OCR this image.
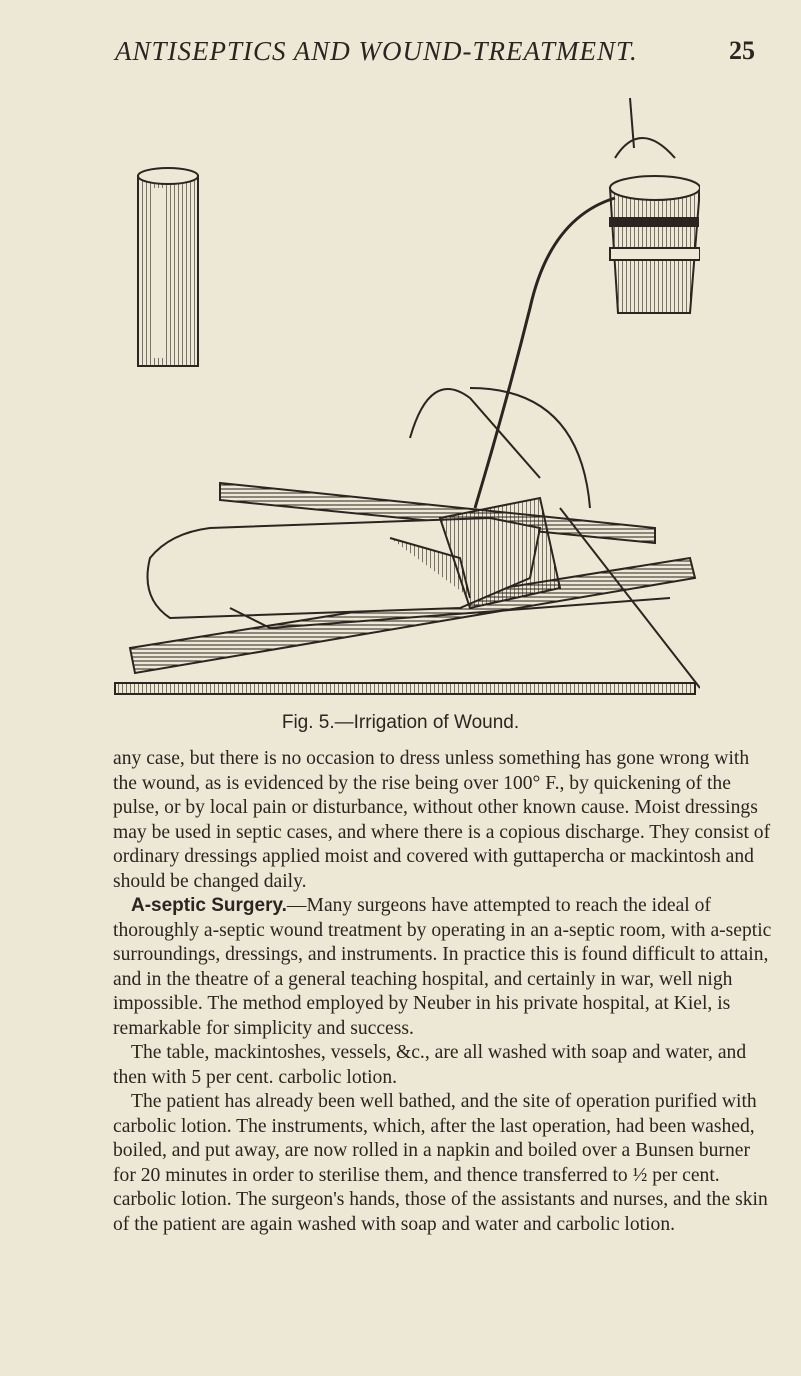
ANTISEPTICS AND WOUND-TREATMENT.	25
Fig. 5.—Irrigation of Wound.

any case, but there is no occasion to dress unless something has gone wrong with the wound, as is evidenced by the rise being over 100° F., by quickening of the pulse, or by local pain or disturbance, without other known cause. Moist dressings may be used in septic cases, and where there is a copious discharge. They consist of ordinary dressings applied moist and covered with guttapercha or mackintosh and should be changed daily.

A-septic Surgery.—Many surgeons have attempted to reach the ideal of thoroughly a-septic wound treatment by operating in an a-septic room, with a-septic surroundings, dressings, and instruments. In practice this is found difficult to attain, and in the theatre of a general teaching hospital, and certainly in war, well nigh impossible. The method employed by Neuber in his private hospital, at Kiel, is remarkable for simplicity and success.

The table, mackintoshes, vessels, &c., are all washed with soap and water, and then with 5 per cent. carbolic lotion.

The patient has already been well bathed, and the site of operation purified with carbolic lotion. The instruments, which, after the last operation, had been washed, boiled, and put away, are now rolled in a napkin and boiled over a Bunsen burner for 20 minutes in order to sterilise them, and thence transferred to ½ per cent. carbolic lotion. The surgeon's hands, those of the assistants and nurses, and the skin of the patient are again washed with soap and water and carbolic lotion.
